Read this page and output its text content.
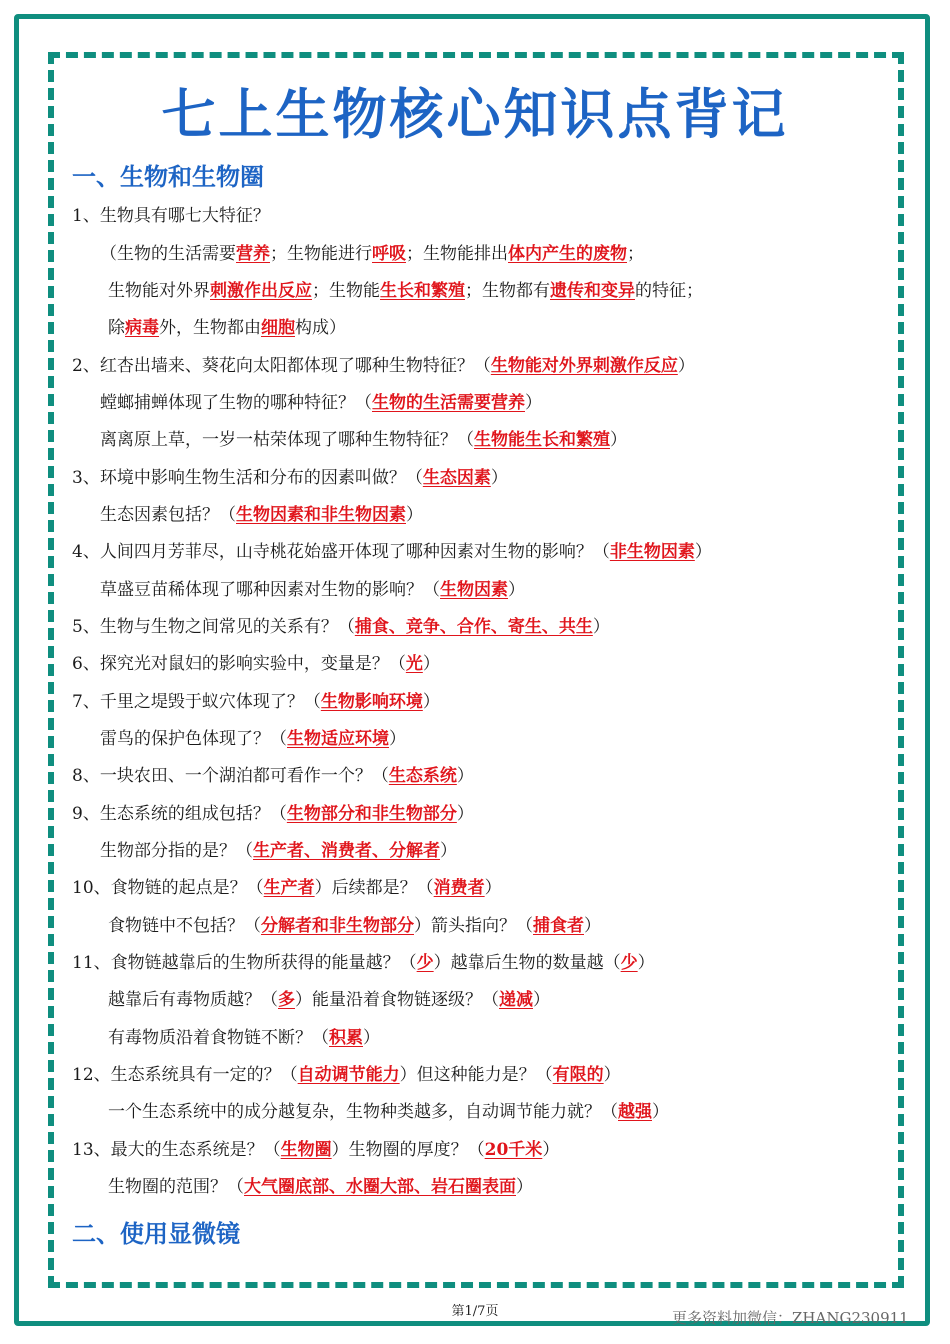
七上生物核心知识点背记
一、生物和生物圈
1、生物具有哪七大特征？
（生物的生活需要营养；生物能进行呼吸；生物能排出体内产生的废物；
生物能对外界刺激作出反应；生物能生长和繁殖；生物都有遗传和变异的特征；
除病毒外，生物都由细胞构成）
2、红杏出墙来、葵花向太阳都体现了哪种生物特征？（生物能对外界刺激作反应）
螳螂捕蝉体现了生物的哪种特征？（生物的生活需要营养）
离离原上草，一岁一枯荣体现了哪种生物特征？（生物能生长和繁殖）
3、环境中影响生物生活和分布的因素叫做？（生态因素）
生态因素包括？（生物因素和非生物因素）
4、人间四月芳菲尽，山寺桃花始盛开体现了哪种因素对生物的影响？（非生物因素）
草盛豆苗稀体现了哪种因素对生物的影响？（生物因素）
5、生物与生物之间常见的关系有？（捕食、竞争、合作、寄生、共生）
6、探究光对鼠妇的影响实验中，变量是？（光）
7、千里之堤毁于蚁穴体现了？（生物影响环境）
雷鸟的保护色体现了？（生物适应环境）
8、一块农田、一个湖泊都可看作一个？（生态系统）
9、生态系统的组成包括？（生物部分和非生物部分）
生物部分指的是？（生产者、消费者、分解者）
10、食物链的起点是？（生产者）后续都是？（消费者）
食物链中不包括？（分解者和非生物部分）箭头指向？（捕食者）
11、食物链越靠后的生物所获得的能量越？（少）越靠后生物的数量越（少）
越靠后有毒物质越？（多）能量沿着食物链逐级？（递减）
有毒物质沿着食物链不断？（积累）
12、生态系统具有一定的？（自动调节能力）但这种能力是？（有限的）
一个生态系统中的成分越复杂，生物种类越多，自动调节能力就？（越强）
13、最大的生态系统是？（生物圈）生物圈的厚度？（20千米）
生物圈的范围？（大气圈底部、水圈大部、岩石圈表面）
二、使用显微镜
第1/7页	更多资料加微信：ZHANG230911
